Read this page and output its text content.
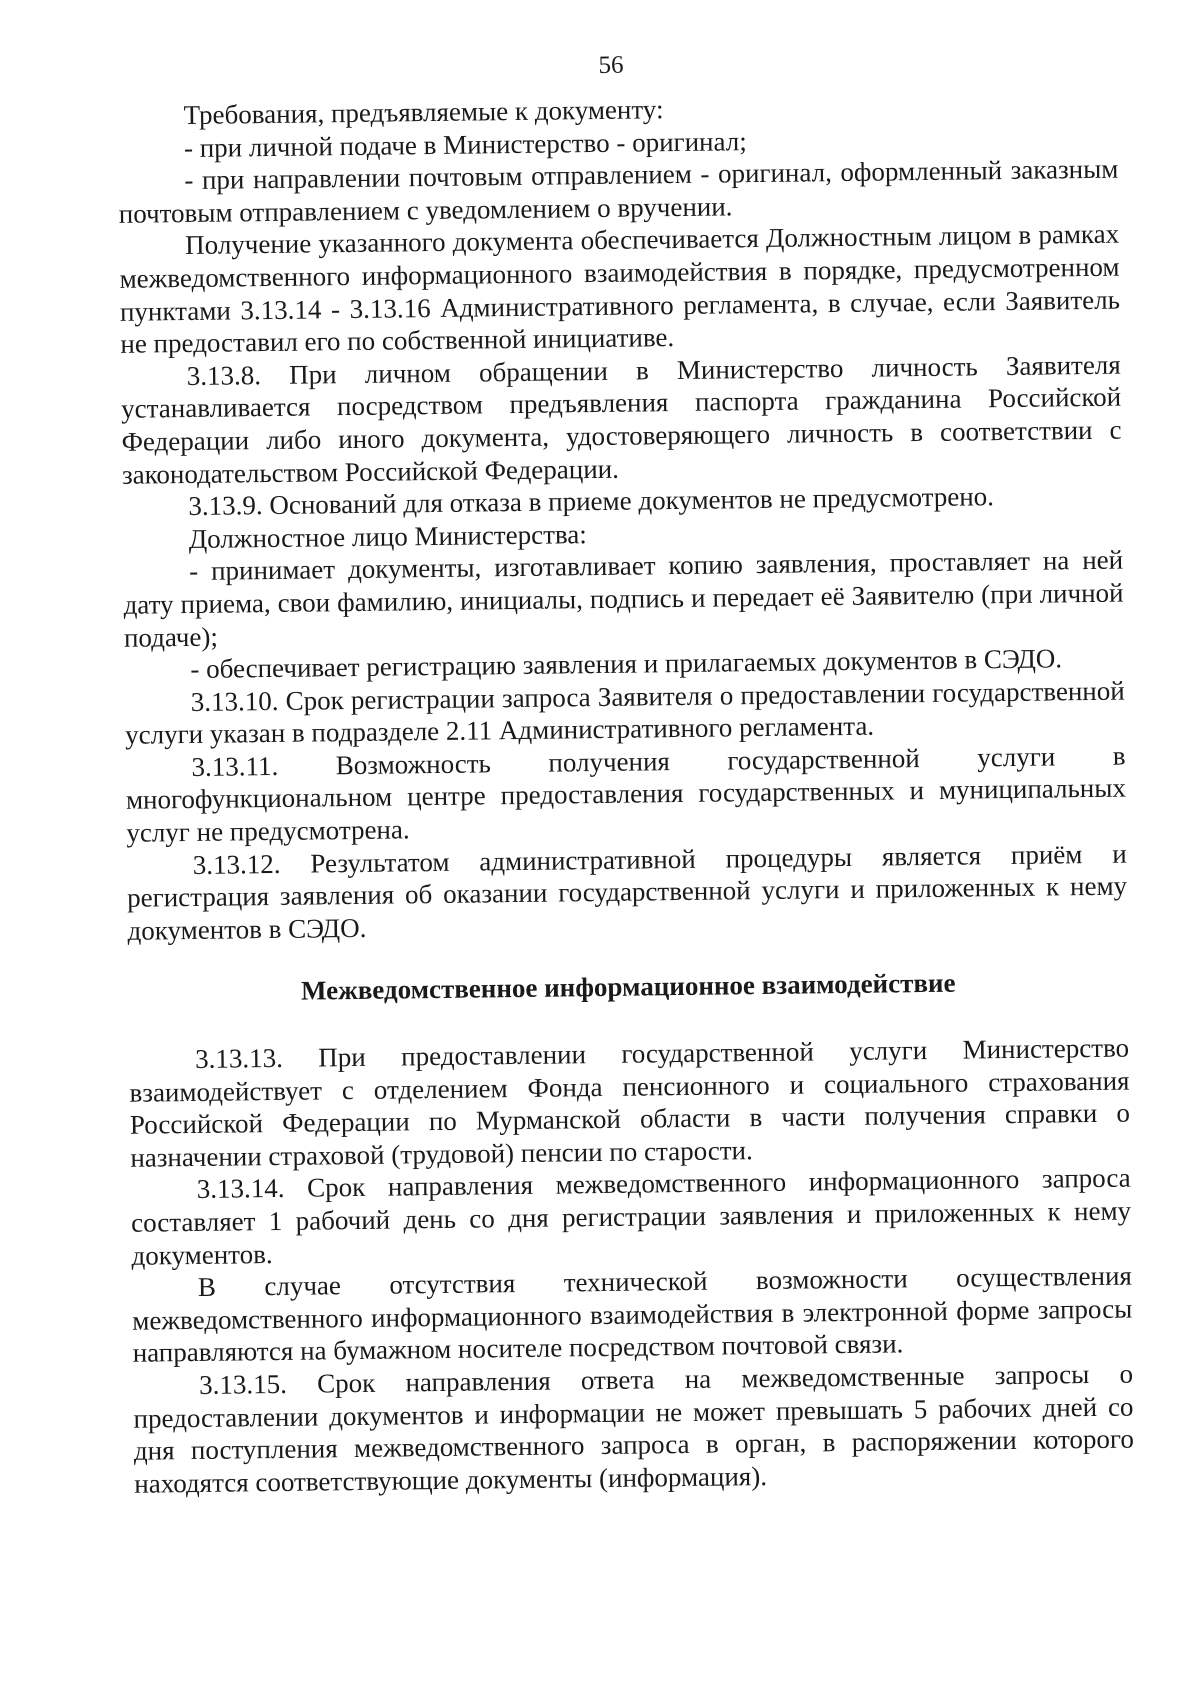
56

Требования, предъявляемые к документу:

- при личной подаче в Министерство - оригинал;

- при направлении почтовым отправлением - оригинал, оформленный заказным почтовым отправлением с уведомлением о вручении.

Получение указанного документа обеспечивается Должностным лицом в рамках межведомственного информационного взаимодействия в порядке, предусмотренном пунктами 3.13.14 - 3.13.16 Административного регламента, в случае, если Заявитель не предоставил его по собственной инициативе.

3.13.8. При личном обращении в Министерство личность Заявителя устанавливается посредством предъявления паспорта гражданина Российской Федерации либо иного документа, удостоверяющего личность в соответствии с законодательством Российской Федерации.

3.13.9. Оснований для отказа в приеме документов не предусмотрено.

Должностное лицо Министерства:

- принимает документы, изготавливает копию заявления, проставляет на ней дату приема, свои фамилию, инициалы, подпись и передает её Заявителю (при личной подаче);

- обеспечивает регистрацию заявления и прилагаемых документов в СЭДО.

3.13.10. Срок регистрации запроса Заявителя о предоставлении государственной услуги указан в подразделе 2.11 Административного регламента.

3.13.11. Возможность получения государственной услуги в многофункциональном центре предоставления государственных и муниципальных услуг не предусмотрена.

3.13.12. Результатом административной процедуры является приём и регистрация заявления об оказании государственной услуги и приложенных к нему документов в СЭДО.

Межведомственное информационное взаимодействие

3.13.13. При предоставлении государственной услуги Министерство взаимодействует с отделением Фонда пенсионного и социального страхования Российской Федерации по Мурманской области в части получения справки о назначении страховой (трудовой) пенсии по старости.

3.13.14. Срок направления межведомственного информационного запроса составляет 1 рабочий день со дня регистрации заявления и приложенных к нему документов.

В случае отсутствия технической возможности осуществления межведомственного информационного взаимодействия в электронной форме запросы направляются на бумажном носителе посредством почтовой связи.

3.13.15. Срок направления ответа на межведомственные запросы о предоставлении документов и информации не может превышать 5 рабочих дней со дня поступления межведомственного запроса в орган, в распоряжении которого находятся соответствующие документы (информация).
